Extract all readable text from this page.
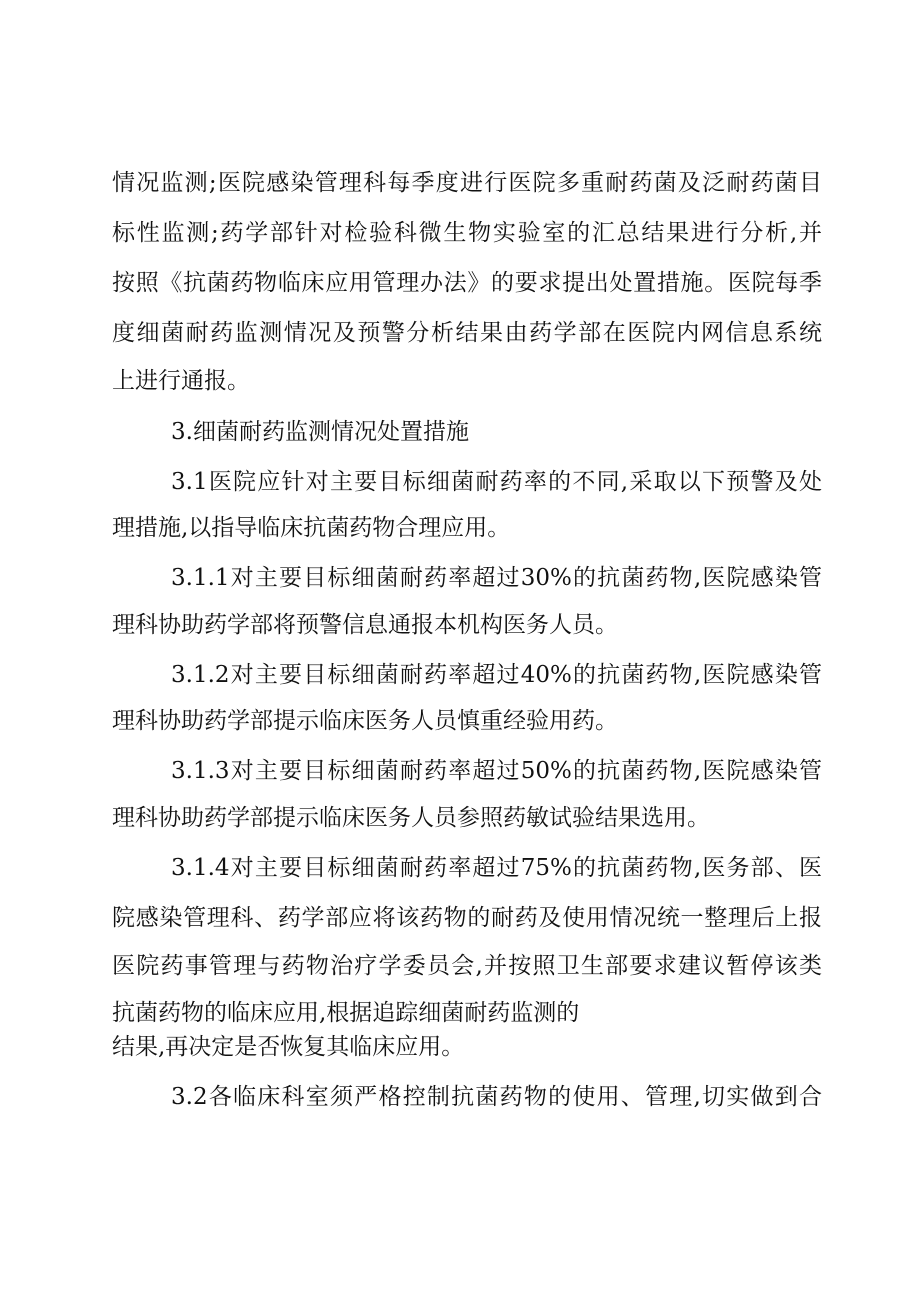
情况监测;医院感染管理科每季度进行医院多重耐药菌及泛耐药菌目
标性监测;药学部针对检验科微生物实验室的汇总结果进行分析,并
按照《抗菌药物临床应用管理办法》的要求提出处置措施。医院每季
度细菌耐药监测情况及预警分析结果由药学部在医院内网信息系统
上进行通报。
3.细菌耐药监测情况处置措施
3.1医院应针对主要目标细菌耐药率的不同,采取以下预警及处
理措施,以指导临床抗菌药物合理应用。
3.1.1对主要目标细菌耐药率超过30%的抗菌药物,医院感染管
理科协助药学部将预警信息通报本机构医务人员。
3.1.2对主要目标细菌耐药率超过40%的抗菌药物,医院感染管
理科协助药学部提示临床医务人员慎重经验用药。
3.1.3对主要目标细菌耐药率超过50%的抗菌药物,医院感染管
理科协助药学部提示临床医务人员参照药敏试验结果选用。
3.1.4对主要目标细菌耐药率超过75%的抗菌药物,医务部、医
院感染管理科、药学部应将该药物的耐药及使用情况统一整理后上报
医院药事管理与药物治疗学委员会,并按照卫生部要求建议暂停该类
抗菌药物的临床应用,根据追踪细菌耐药监测的
结果,再决定是否恢复其临床应用。
3.2各临床科室须严格控制抗菌药物的使用、管理,切实做到合
